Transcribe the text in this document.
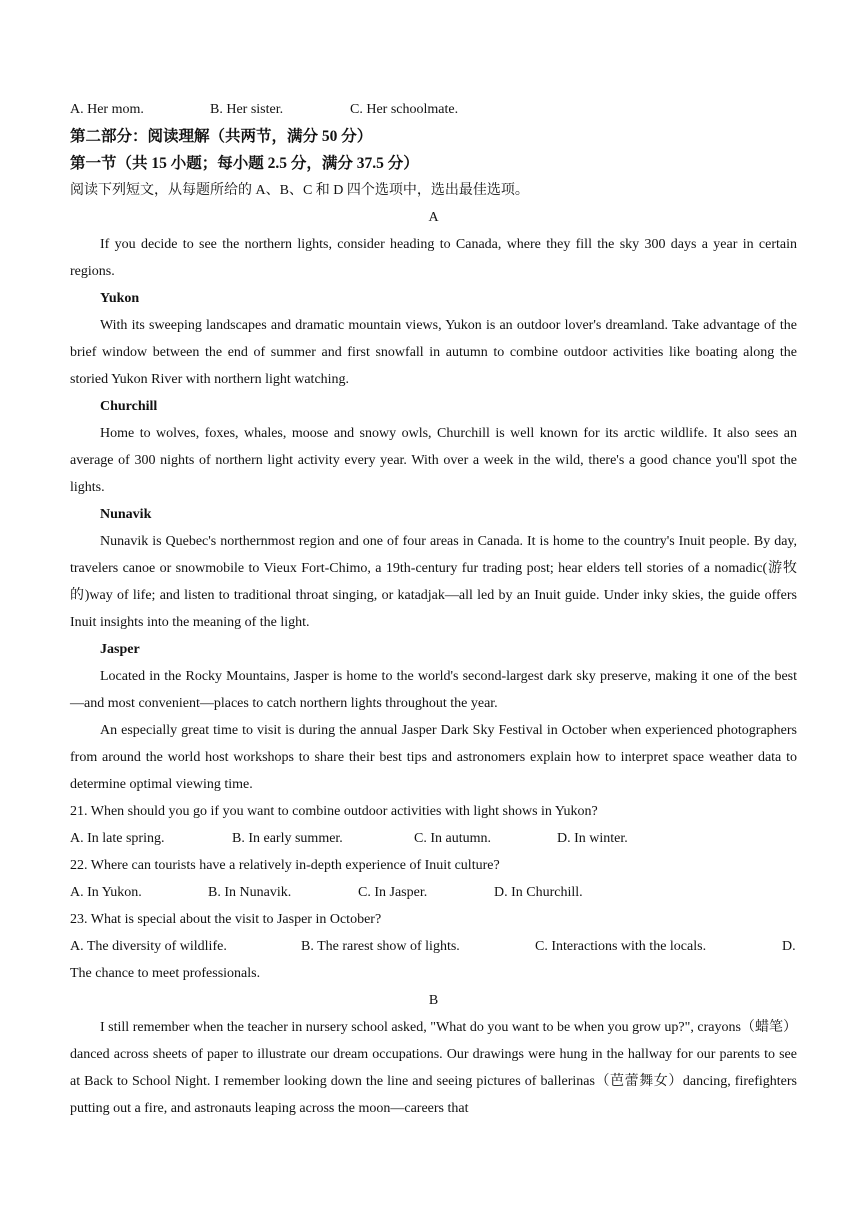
A. Her mom.	B. Her sister.	C. Her schoolmate.
第二部分：阅读理解（共两节，满分 50 分）
第一节（共 15 小题；每小题 2.5 分，满分 37.5 分）
阅读下列短文，从每题所给的 A、B、C 和 D 四个选项中，选出最佳选项。
A
If you decide to see the northern lights, consider heading to Canada, where they fill the sky 300 days a year in certain regions.
Yukon
With its sweeping landscapes and dramatic mountain views, Yukon is an outdoor lover's dreamland. Take advantage of the brief window between the end of summer and first snowfall in autumn to combine outdoor activities like boating along the storied Yukon River with northern light watching.
Churchill
Home to wolves, foxes, whales, moose and snowy owls, Churchill is well known for its arctic wildlife. It also sees an average of 300 nights of northern light activity every year. With over a week in the wild, there's a good chance you'll spot the lights.
Nunavik
Nunavik is Quebec's northernmost region and one of four areas in Canada. It is home to the country's Inuit people. By day, travelers canoe or snowmobile to Vieux Fort-Chimo, a 19th-century fur trading post; hear elders tell stories of a nomadic(游牧的)way of life; and listen to traditional throat singing, or katadjak—all led by an Inuit guide. Under inky skies, the guide offers Inuit insights into the meaning of the light.
Jasper
Located in the Rocky Mountains, Jasper is home to the world's second-largest dark sky preserve, making it one of the best—and most convenient—places to catch northern lights throughout the year.
An especially great time to visit is during the annual Jasper Dark Sky Festival in October when experienced photographers from around the world host workshops to share their best tips and astronomers explain how to interpret space weather data to determine optimal viewing time.
21. When should you go if you want to combine outdoor activities with light shows in Yukon?
A. In late spring.	B. In early summer.	C. In autumn.	D. In winter.
22. Where can tourists have a relatively in-depth experience of Inuit culture?
A. In Yukon.	B. In Nunavik.	C. In Jasper.	D. In Churchill.
23. What is special about the visit to Jasper in October?
A. The diversity of wildlife.	B. The rarest show of lights.	C. Interactions with the locals.	D.
The chance to meet professionals.
B
I still remember when the teacher in nursery school asked, "What do you want to be when you grow up?", crayons（蜡笔）danced across sheets of paper to illustrate our dream occupations. Our drawings were hung in the hallway for our parents to see at Back to School Night. I remember looking down the line and seeing pictures of ballerinas（芭蕾舞女）dancing, firefighters putting out a fire, and astronauts leaping across the moon—careers that
